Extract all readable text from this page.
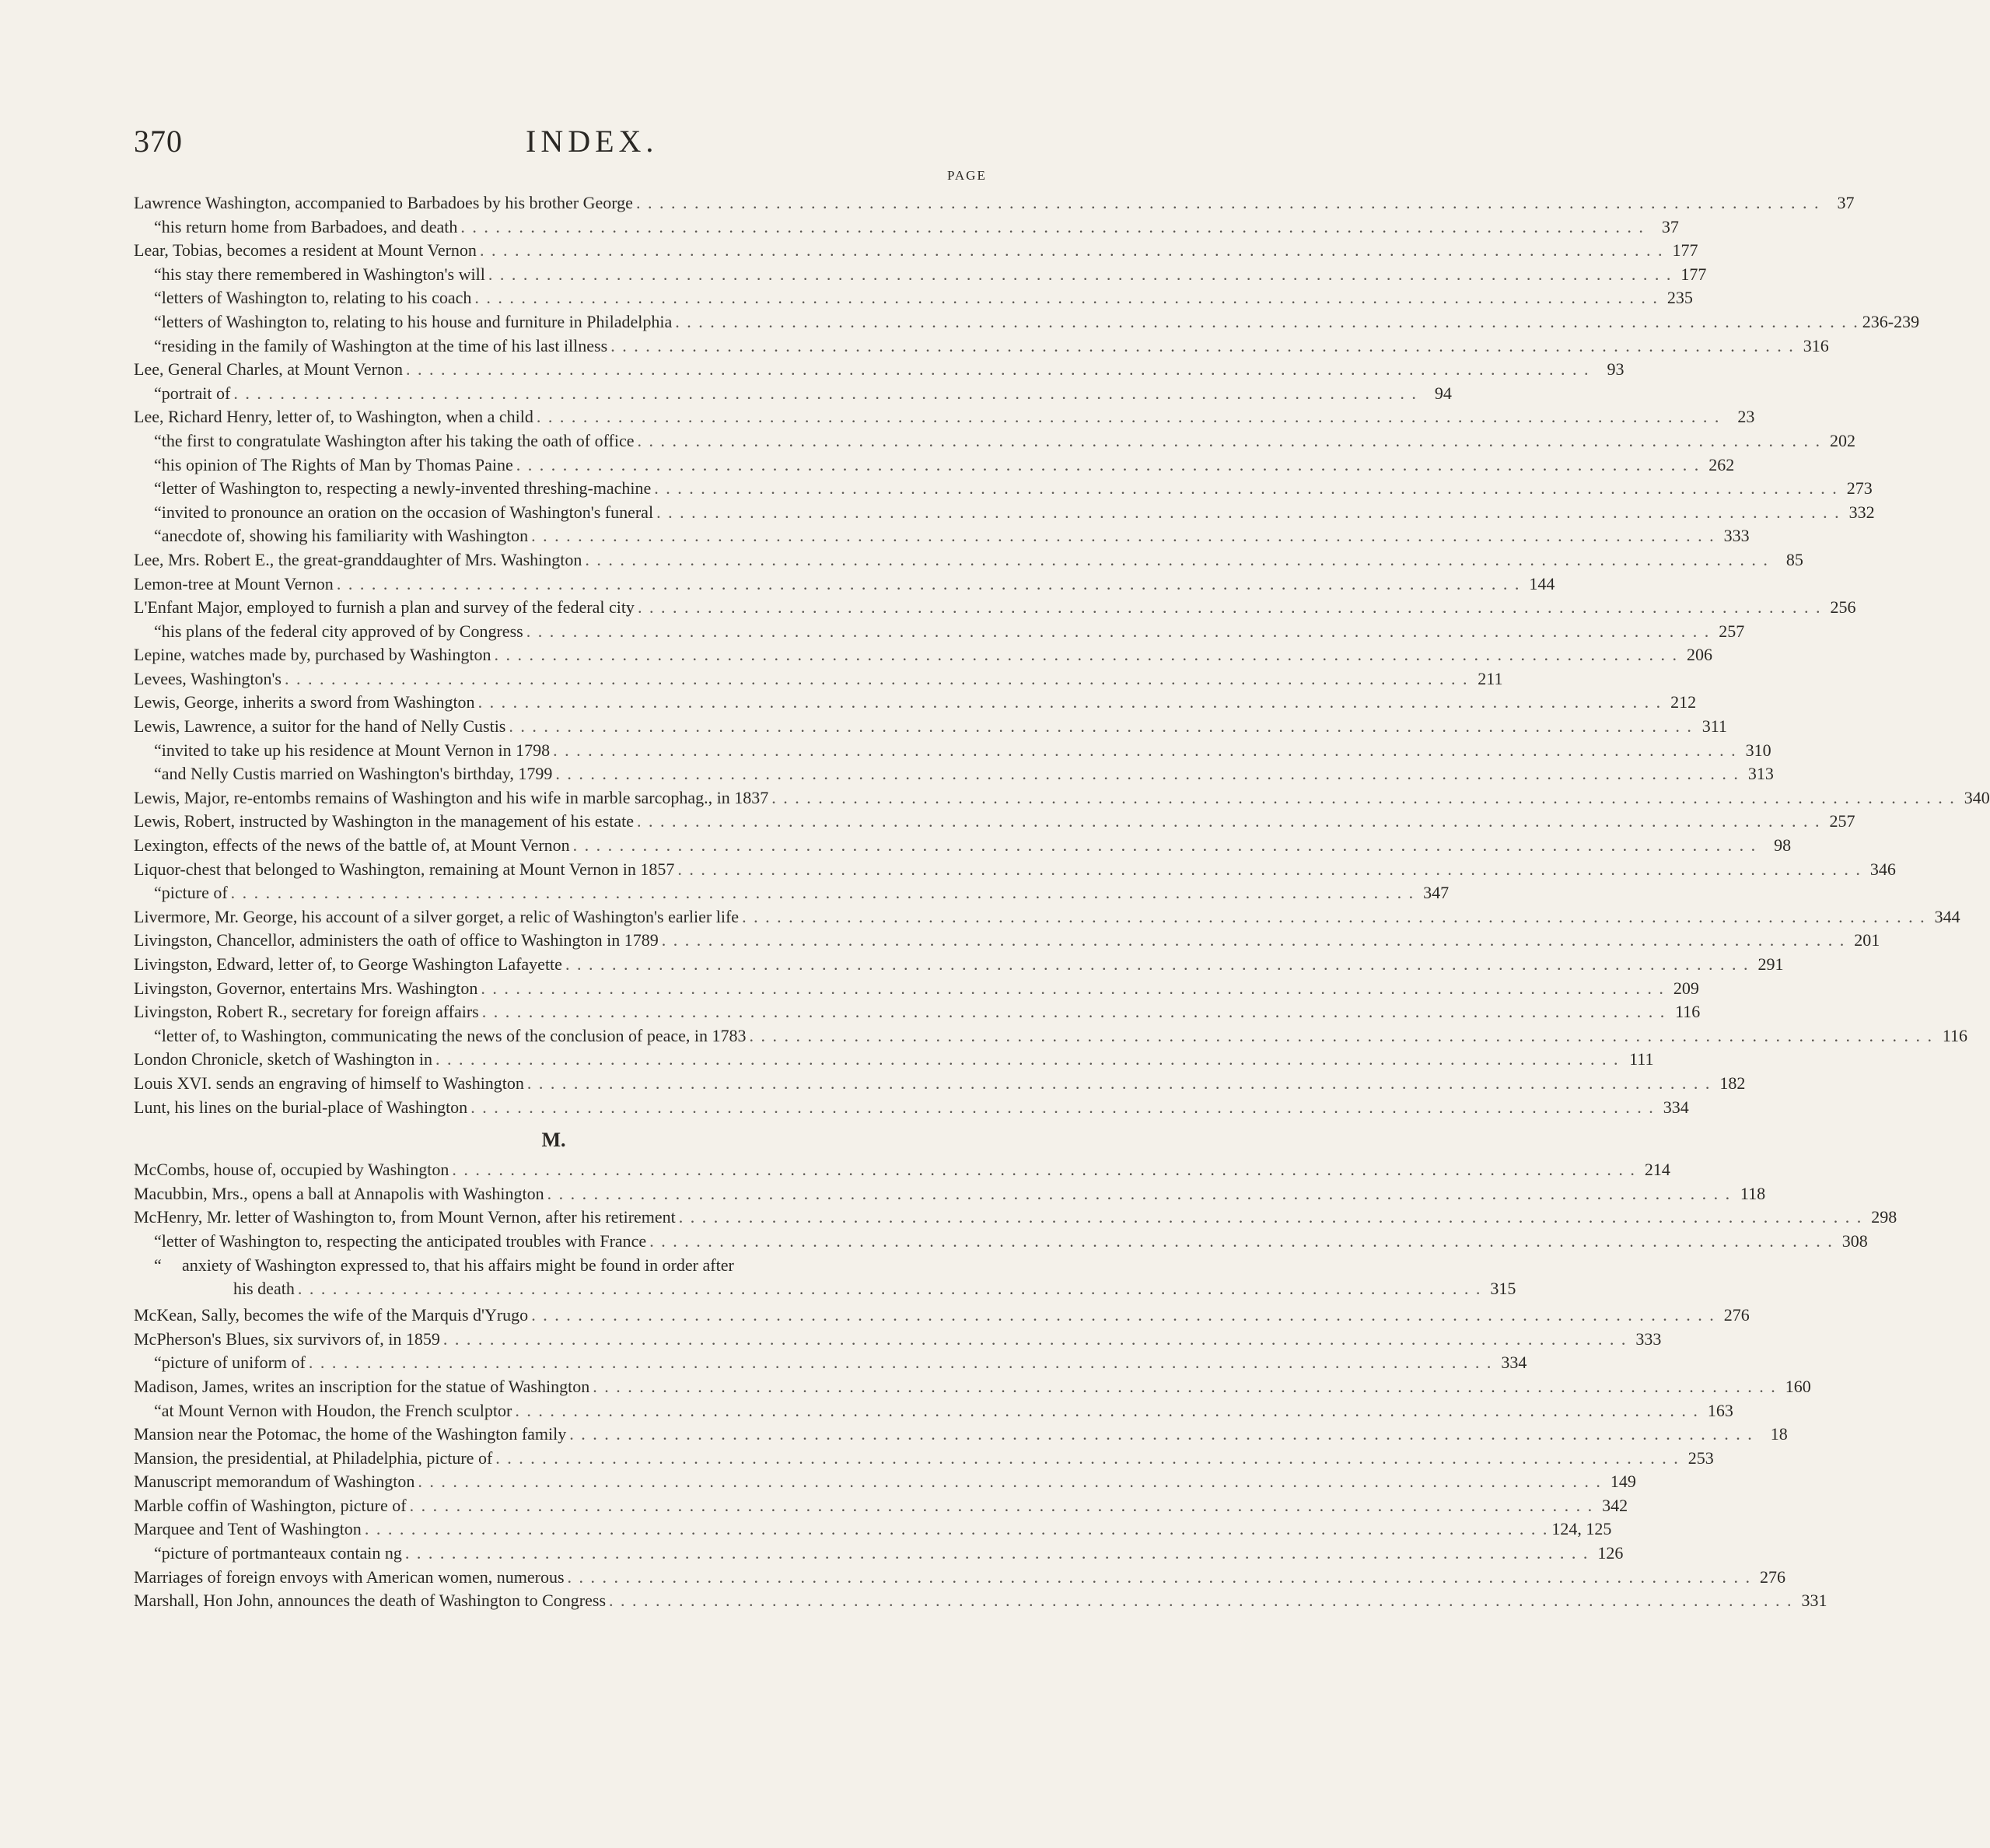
370	INDEX.
PAGE
Lawrence Washington, accompanied to Barbadoes by his brother George . . .	37
“ his return home from Barbadoes, and death . . .	37
Lear, Tobias, becomes a resident at Mount Vernon . . .	177
“ his stay there remembered in Washington's will . . .	177
“ letters of Washington to, relating to his coach . . .	235
“ letters of Washington to, relating to his house and furniture in Philadelphia . . .	236-239
“ residing in the family of Washington at the time of his last illness . . .	316
Lee, General Charles, at Mount Vernon . . .	93
“ portrait of . . .	94
Lee, Richard Henry, letter of, to Washington, when a child . . .	23
“ the first to congratulate Washington after his taking the oath of office . . .	202
“ his opinion of The Rights of Man by Thomas Paine . . .	262
“ letter of Washington to, respecting a newly-invented threshing-machine . . .	273
“ invited to pronounce an oration on the occasion of Washington's funeral . . .	332
“ anecdote of, showing his familiarity with Washington . . .	333
Lee, Mrs. Robert E., the great-granddaughter of Mrs. Washington . . .	85
Lemon-tree at Mount Vernon . . .	144
L'Enfant Major, employed to furnish a plan and survey of the federal city . . .	256
“ his plans of the federal city approved of by Congress . . .	257
Lepine, watches made by, purchased by Washington . . .	206
Levees, Washington's . . .	211
Lewis, George, inherits a sword from Washington . . .	212
Lewis, Lawrence, a suitor for the hand of Nelly Custis . . .	311
“ invited to take up his residence at Mount Vernon in 1798 . . .	310
“ and Nelly Custis married on Washington's birthday, 1799 . . .	313
Lewis, Major, re-entombs remains of Washington and his wife in marble sarcophag., in 1837 . . .	340
Lewis, Robert, instructed by Washington in the management of his estate . . .	257
Lexington, effects of the news of the battle of, at Mount Vernon . . .	98
Liquor-chest that belonged to Washington, remaining at Mount Vernon in 1857 . . .	346
“ picture of . . .	347
Livermore, Mr. George, his account of a silver gorget, a relic of Washington's earlier life . . .	344
Livingston, Chancellor, administers the oath of office to Washington in 1789 . . .	201
Livingston, Edward, letter of, to George Washington Lafayette . . .	291
Livingston, Governor, entertains Mrs. Washington . . .	209
Livingston, Robert R., secretary for foreign affairs . . .	116
“ letter of, to Washington, communicating the news of the conclusion of peace, in 1783 . . .	116
London Chronicle, sketch of Washington in . . .	111
Louis XVI. sends an engraving of himself to Washington . . .	182
Lunt, his lines on the burial-place of Washington . . .	334
M.
McCombs, house of, occupied by Washington . . .	214
Macubbin, Mrs., opens a ball at Annapolis with Washington . . .	118
McHenry, Mr. letter of Washington to, from Mount Vernon, after his retirement . . .	298
“ letter of Washington to, respecting the anticipated troubles with France . . .	308
“	anxiety of Washington expressed to, that his affairs might be found in order after
his death . . .	315
McKean, Sally, becomes the wife of the Marquis d'Yrugo . . .	276
McPherson's Blues, six survivors of, in 1859 . . .	333
“ picture of uniform of . . .	334
Madison, James, writes an inscription for the statue of Washington . . .	160
“ at Mount Vernon with Houdon, the French sculptor . . .	163
Mansion near the Potomac, the home of the Washington family . . .	18
Mansion, the presidential, at Philadelphia, picture of . . .	253
Manuscript memorandum of Washington . . .	149
Marble coffin of Washington, picture of . . .	342
Marquee and Tent of Washington . . .	124, 125
“ picture of portmanteaux contain ng . . .	126
Marriages of foreign envoys with American women, numerous . . .	276
Marshall, Hon John, announces the death of Washington to Congress . . .	331
